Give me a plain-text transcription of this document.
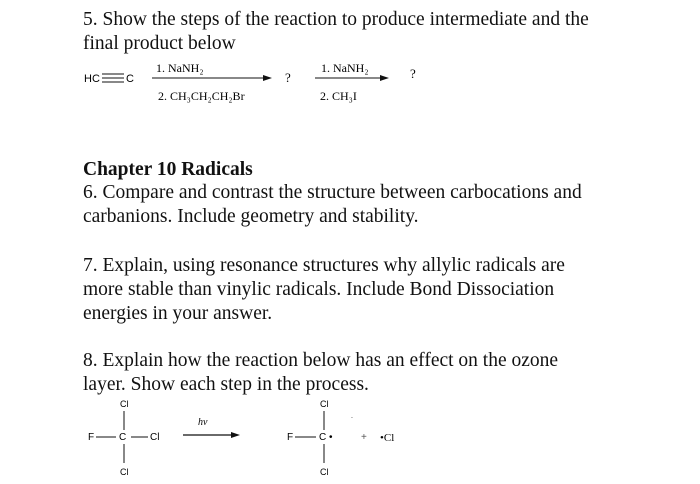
5. Show the steps of the reaction to produce intermediate and the

final product below

HC C
1. NaNH₂
2. CH₃CH₂CH₂Br
?
1. NaNH₂
2. CH₃I
?

Chapter 10 Radicals

6. Compare and contrast the structure between carbocations and

carbanions. Include geometry and stability.

7. Explain, using resonance structures why allylic radicals are

more stable than vinylic radicals. Include Bond Dissociation

energies in your answer.

8. Explain how the reaction below has an effect on the ozone

layer. Show each step in the process.

Cl
F C Cl
Cl
hν
Cl
F	C •
Cl
.
+ •Cl
